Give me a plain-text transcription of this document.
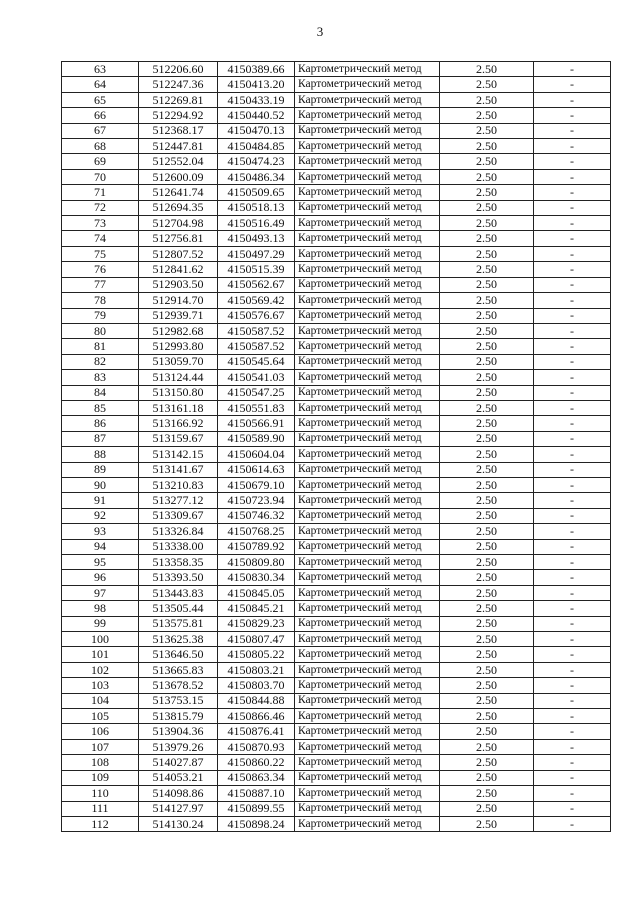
3
63	512206.60	4150389.66	Картометрический метод	2.50	-
64	512247.36	4150413.20	Картометрический метод	2.50	-
65	512269.81	4150433.19	Картометрический метод	2.50	-
66	512294.92	4150440.52	Картометрический метод	2.50	-
67	512368.17	4150470.13	Картометрический метод	2.50	-
68	512447.81	4150484.85	Картометрический метод	2.50	-
69	512552.04	4150474.23	Картометрический метод	2.50	-
70	512600.09	4150486.34	Картометрический метод	2.50	-
71	512641.74	4150509.65	Картометрический метод	2.50	-
72	512694.35	4150518.13	Картометрический метод	2.50	-
73	512704.98	4150516.49	Картометрический метод	2.50	-
74	512756.81	4150493.13	Картометрический метод	2.50	-
75	512807.52	4150497.29	Картометрический метод	2.50	-
76	512841.62	4150515.39	Картометрический метод	2.50	-
77	512903.50	4150562.67	Картометрический метод	2.50	-
78	512914.70	4150569.42	Картометрический метод	2.50	-
79	512939.71	4150576.67	Картометрический метод	2.50	-
80	512982.68	4150587.52	Картометрический метод	2.50	-
81	512993.80	4150587.52	Картометрический метод	2.50	-
82	513059.70	4150545.64	Картометрический метод	2.50	-
83	513124.44	4150541.03	Картометрический метод	2.50	-
84	513150.80	4150547.25	Картометрический метод	2.50	-
85	513161.18	4150551.83	Картометрический метод	2.50	-
86	513166.92	4150566.91	Картометрический метод	2.50	-
87	513159.67	4150589.90	Картометрический метод	2.50	-
88	513142.15	4150604.04	Картометрический метод	2.50	-
89	513141.67	4150614.63	Картометрический метод	2.50	-
90	513210.83	4150679.10	Картометрический метод	2.50	-
91	513277.12	4150723.94	Картометрический метод	2.50	-
92	513309.67	4150746.32	Картометрический метод	2.50	-
93	513326.84	4150768.25	Картометрический метод	2.50	-
94	513338.00	4150789.92	Картометрический метод	2.50	-
95	513358.35	4150809.80	Картометрический метод	2.50	-
96	513393.50	4150830.34	Картометрический метод	2.50	-
97	513443.83	4150845.05	Картометрический метод	2.50	-
98	513505.44	4150845.21	Картометрический метод	2.50	-
99	513575.81	4150829.23	Картометрический метод	2.50	-
100	513625.38	4150807.47	Картометрический метод	2.50	-
101	513646.50	4150805.22	Картометрический метод	2.50	-
102	513665.83	4150803.21	Картометрический метод	2.50	-
103	513678.52	4150803.70	Картометрический метод	2.50	-
104	513753.15	4150844.88	Картометрический метод	2.50	-
105	513815.79	4150866.46	Картометрический метод	2.50	-
106	513904.36	4150876.41	Картометрический метод	2.50	-
107	513979.26	4150870.93	Картометрический метод	2.50	-
108	514027.87	4150860.22	Картометрический метод	2.50	-
109	514053.21	4150863.34	Картометрический метод	2.50	-
110	514098.86	4150887.10	Картометрический метод	2.50	-
111	514127.97	4150899.55	Картометрический метод	2.50	-
112	514130.24	4150898.24	Картометрический метод	2.50	-
